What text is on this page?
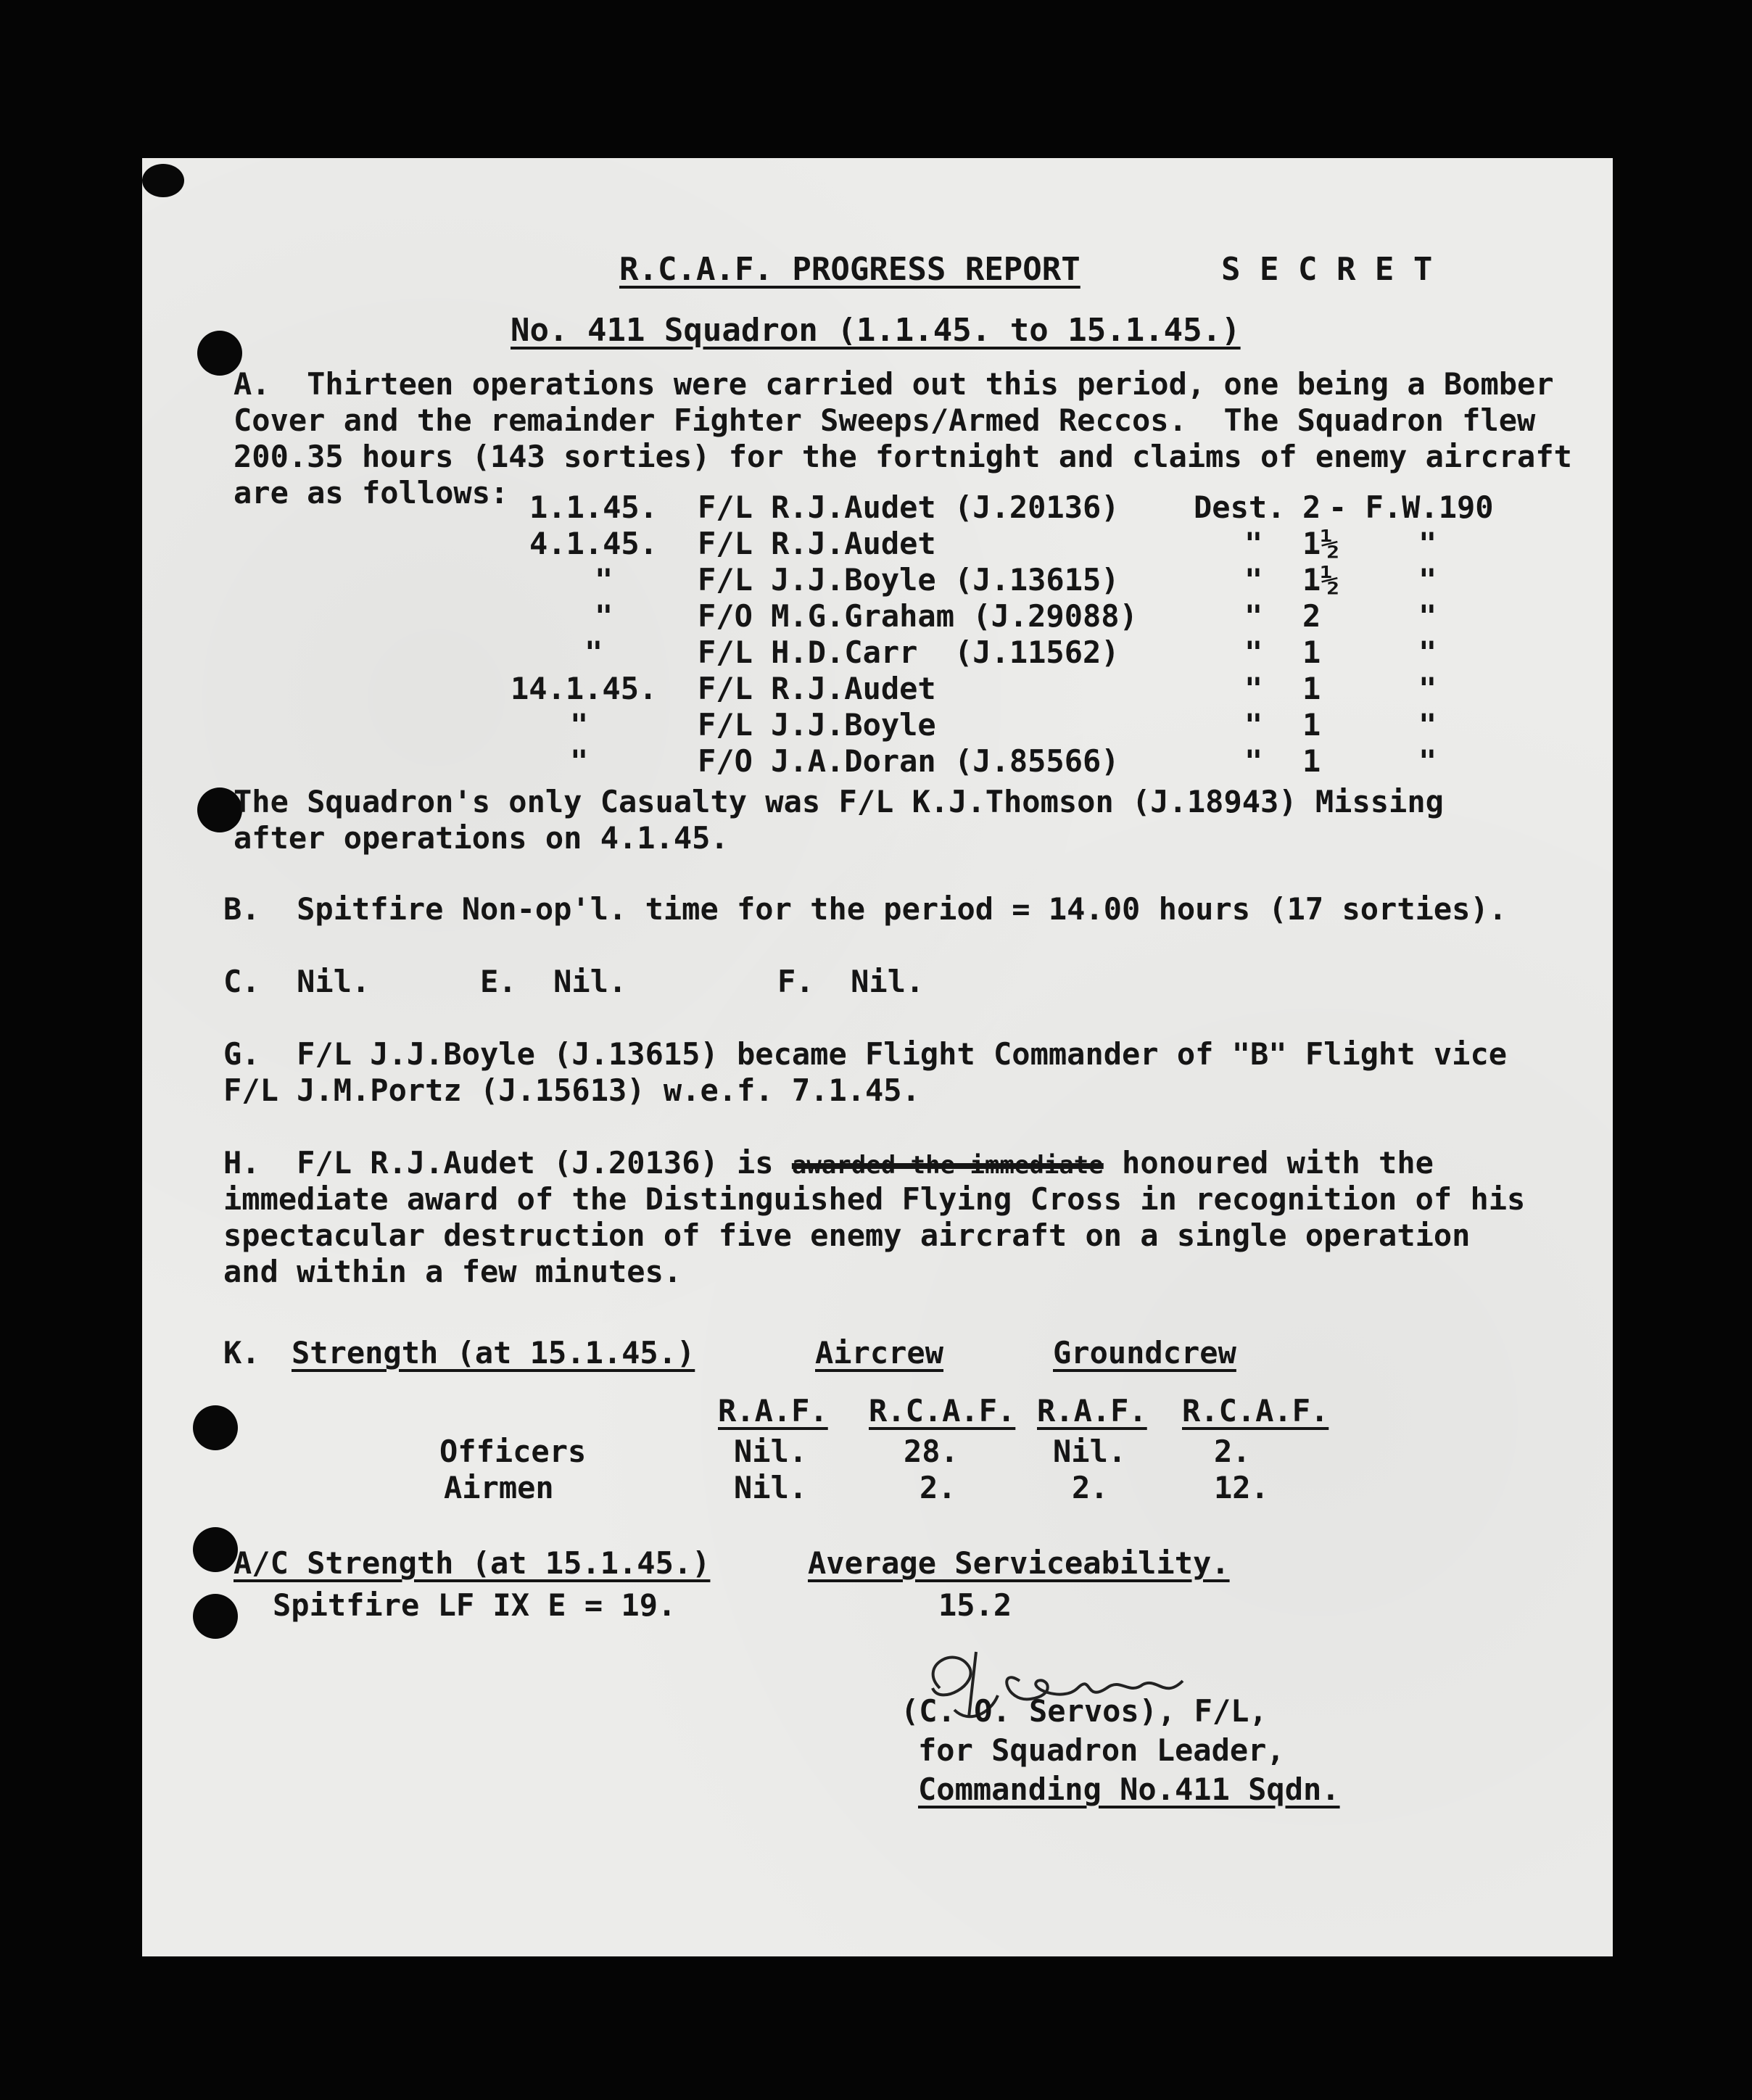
R.C.A.F. PROGRESS REPORT	S E C R E T
No. 411 Squadron (1.1.45. to 15.1.45.)
A.  Thirteen operations were carried out this period, one being a Bomber
Cover and the remainder Fighter Sweeps/Armed Reccos.  The Squadron flew
200.35 hours (143 sorties) for the fortnight and claims of enemy aircraft
are as follows: 1.1.45. F/L R.J.Audet (J.20136) Dest. 2 - F.W.190
4.1.45. F/L R.J.Audet	" 1½	"
"	F/L J.J.Boyle (J.13615)	" 1½	"
"	F/O M.G.Graham (J.29088)	" 2	"
"	F/L H.D.Carr  (J.11562)	" 1	"
14.1.45. F/L R.J.Audet	" 1	"
"	F/L J.J.Boyle	" 1	"
"	F/O J.A.Doran (J.85566)	" 1	"
The Squadron's only Casualty was F/L K.J.Thomson (J.18943) Missing
after operations on 4.1.45.
B.  Spitfire Non-op'l. time for the period = 14.00 hours (17 sorties).
C.  Nil.	E.  Nil.	F.  Nil.
G.  F/L J.J.Boyle (J.13615) became Flight Commander of "B" Flight vice
F/L J.M.Portz (J.15613) w.e.f. 7.1.45.
H.  F/L R.J.Audet (J.20136) is awarded the immediate honoured with the
immediate award of the Distinguished Flying Cross in recognition of his
spectacular destruction of five enemy aircraft on a single operation
and within a few minutes.
K. Strength (at 15.1.45.)	Aircrew	Groundcrew
R.A.F. R.C.A.F. R.A.F. R.C.A.F.
Officers	Nil.	28.	Nil.	2.
Airmen	Nil.	2.	2.	12.
A/C Strength (at 15.1.45.)	Average Serviceability.
Spitfire LF IX E = 19.	15.2
(C. O. Servos), F/L,
for Squadron Leader,
Commanding No.411 Sqdn.
